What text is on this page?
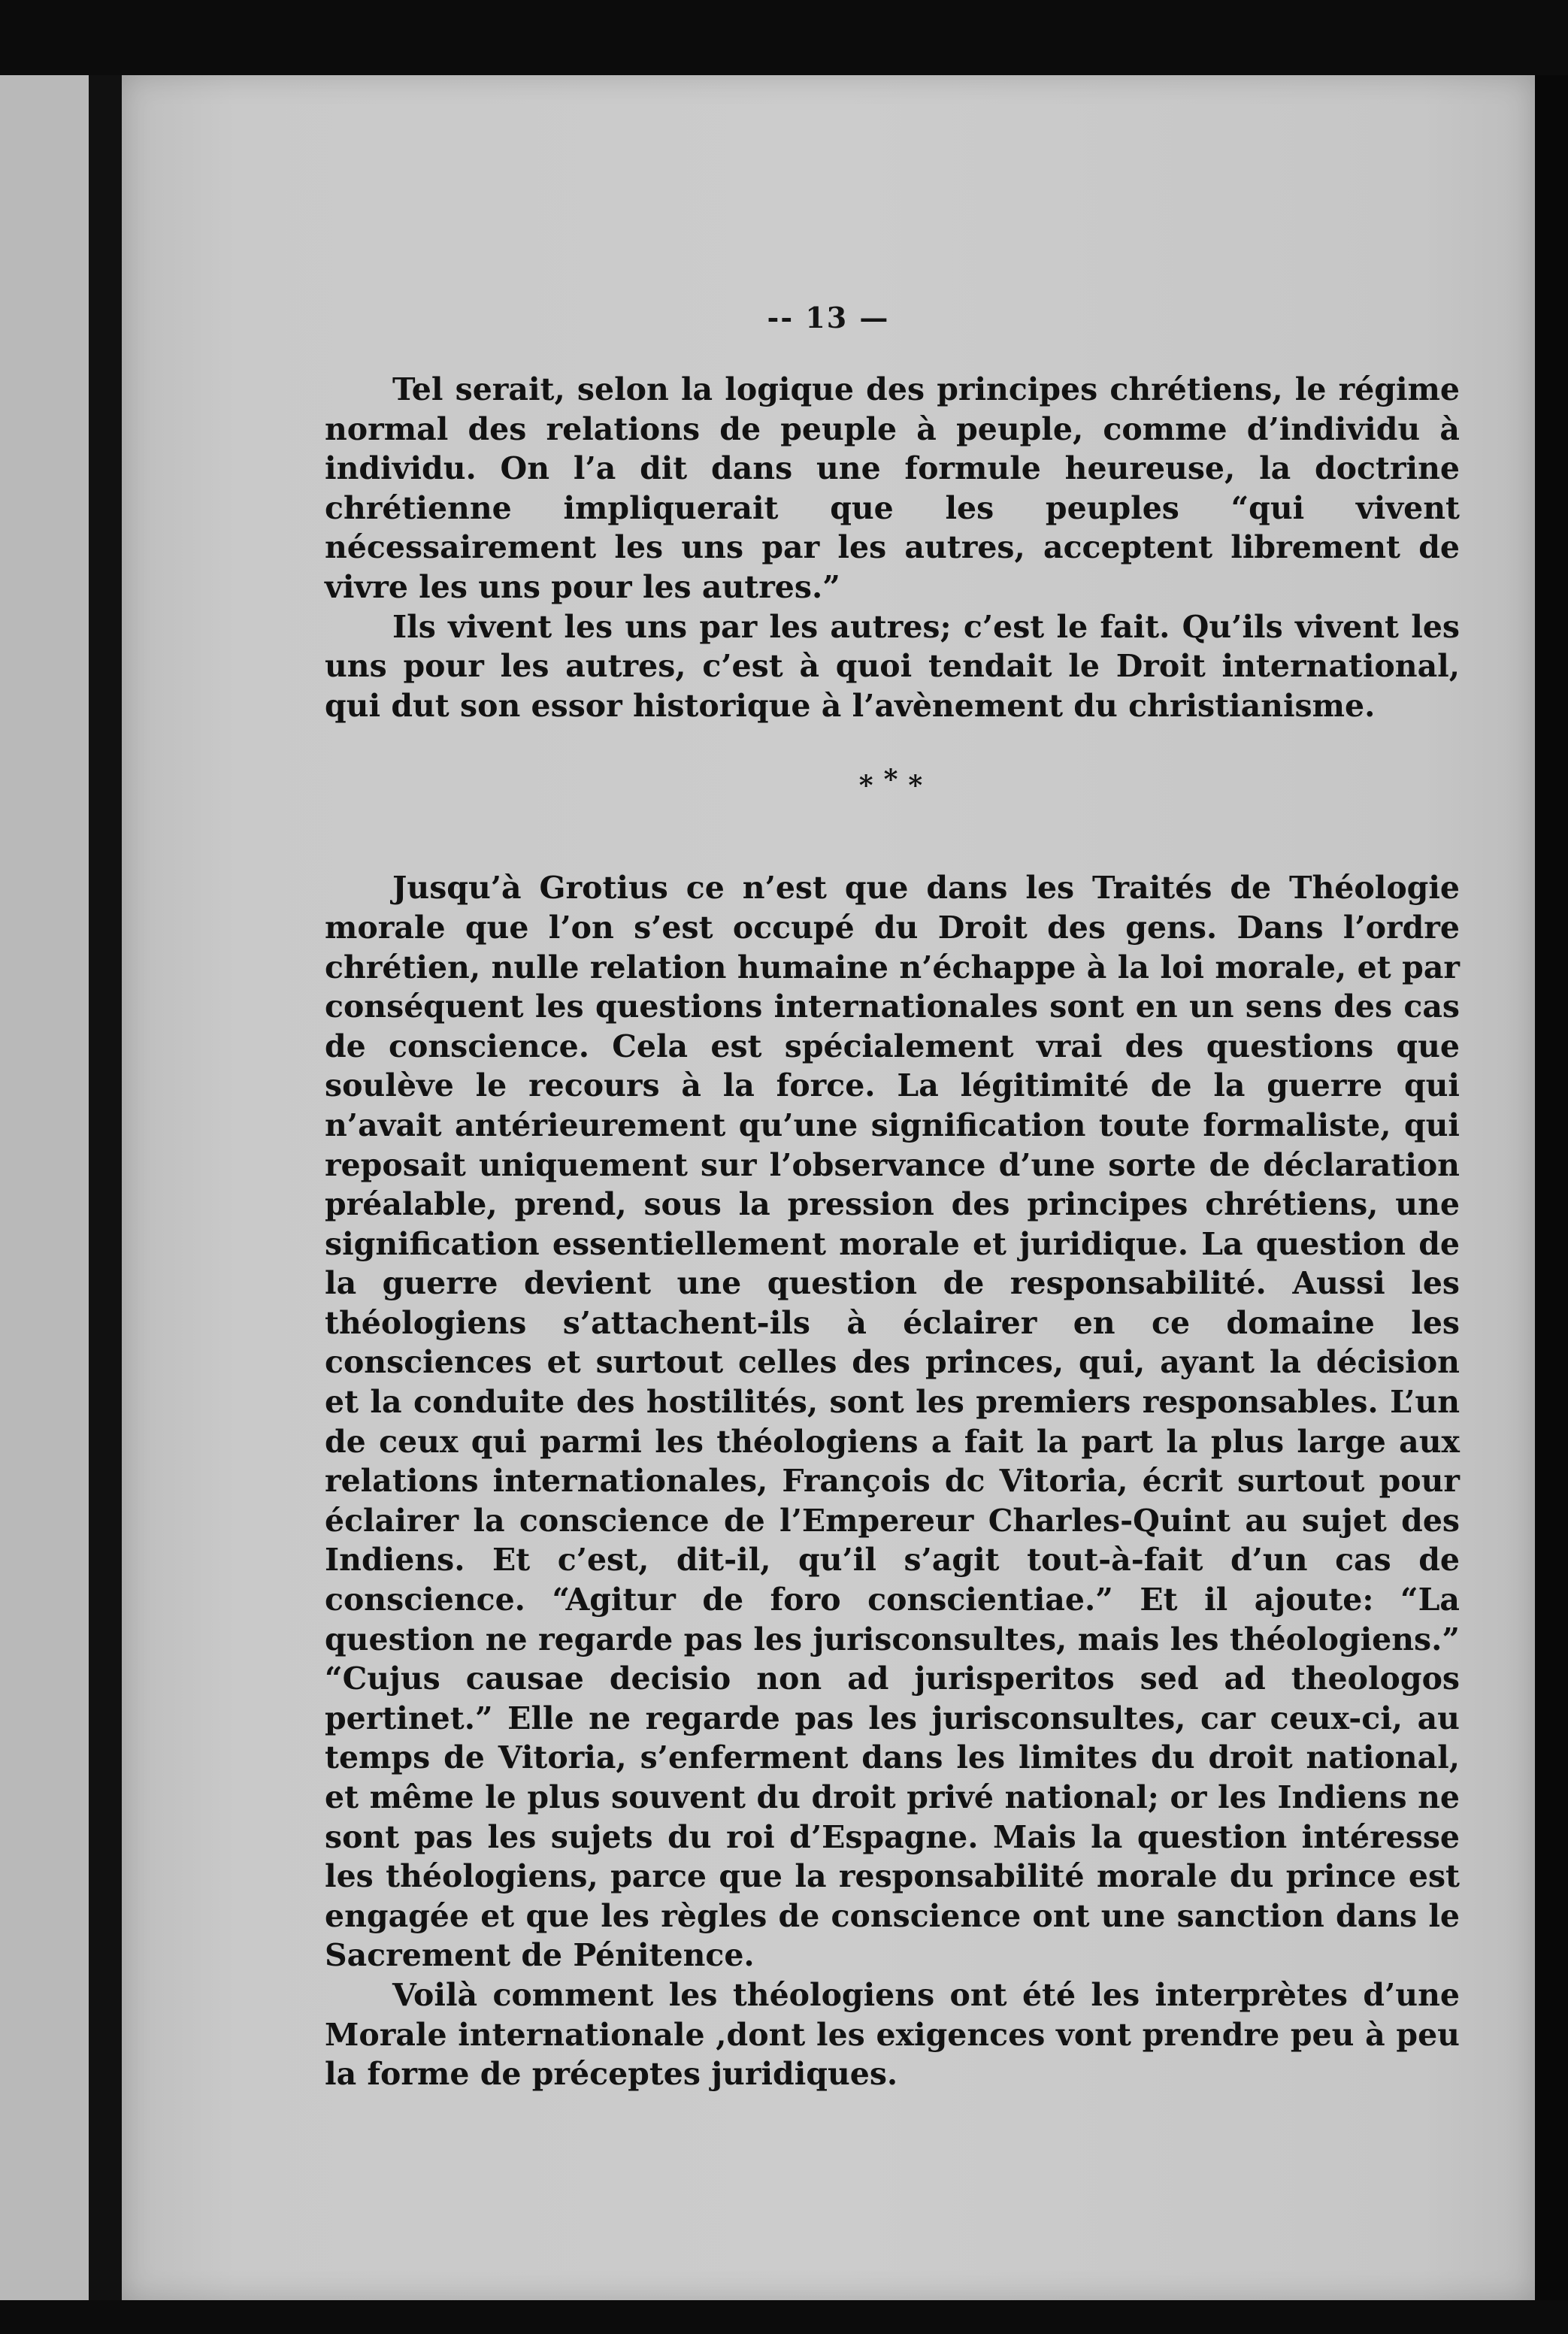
-- 13 —

Tel serait, selon la logique des principes chrétiens, le régime normal des relations de peuple à peuple, comme d’individu à individu. On l’a dit dans une formule heureuse, la doctrine chrétienne impliquerait que les peuples “qui vivent nécessairement les uns par les autres, acceptent librement de vivre les uns pour les autres.”

Ils vivent les uns par les autres; c’est le fait. Qu’ils vivent les uns pour les autres, c’est à quoi tendait le Droit international, qui dut son essor historique à l’avènement du christianisme.

***

Jusqu’à Grotius ce n’est que dans les Traités de Théologie morale que l’on s’est occupé du Droit des gens. Dans l’ordre chrétien, nulle relation humaine n’échappe à la loi morale, et par conséquent les questions internationales sont en un sens des cas de conscience. Cela est spécialement vrai des questions que soulève le recours à la force. La légitimité de la guerre qui n’avait antérieurement qu’une signification toute formaliste, qui reposait uniquement sur l’observance d’une sorte de déclaration préalable, prend, sous la pression des principes chrétiens, une signification essentiellement morale et juridique. La question de la guerre devient une question de responsabilité. Aussi les théologiens s’attachent-ils à éclairer en ce domaine les consciences et surtout celles des princes, qui, ayant la décision et la conduite des hostilités, sont les premiers responsables. L’un de ceux qui parmi les théologiens a fait la part la plus large aux relations internationales, François dc Vitoria, écrit surtout pour éclairer la conscience de l’Empereur Charles-Quint au sujet des Indiens. Et c’est, dit-il, qu’il s’agit tout-à-fait d’un cas de conscience. “Agitur de foro conscientiae.” Et il ajoute: “La question ne regarde pas les jurisconsultes, mais les théologiens.” “Cujus causae decisio non ad jurisperitos sed ad theologos pertinet.” Elle ne regarde pas les jurisconsultes, car ceux-ci, au temps de Vitoria, s’enferment dans les limites du droit national, et même le plus souvent du droit privé national; or les Indiens ne sont pas les sujets du roi d’Espagne. Mais la question intéresse les théologiens, parce que la responsabilité morale du prince est engagée et que les règles de conscience ont une sanction dans le Sacrement de Pénitence.

Voilà comment les théologiens ont été les interprètes d’une Morale internationale ,dont les exigences vont prendre peu à peu la forme de préceptes juridiques.
